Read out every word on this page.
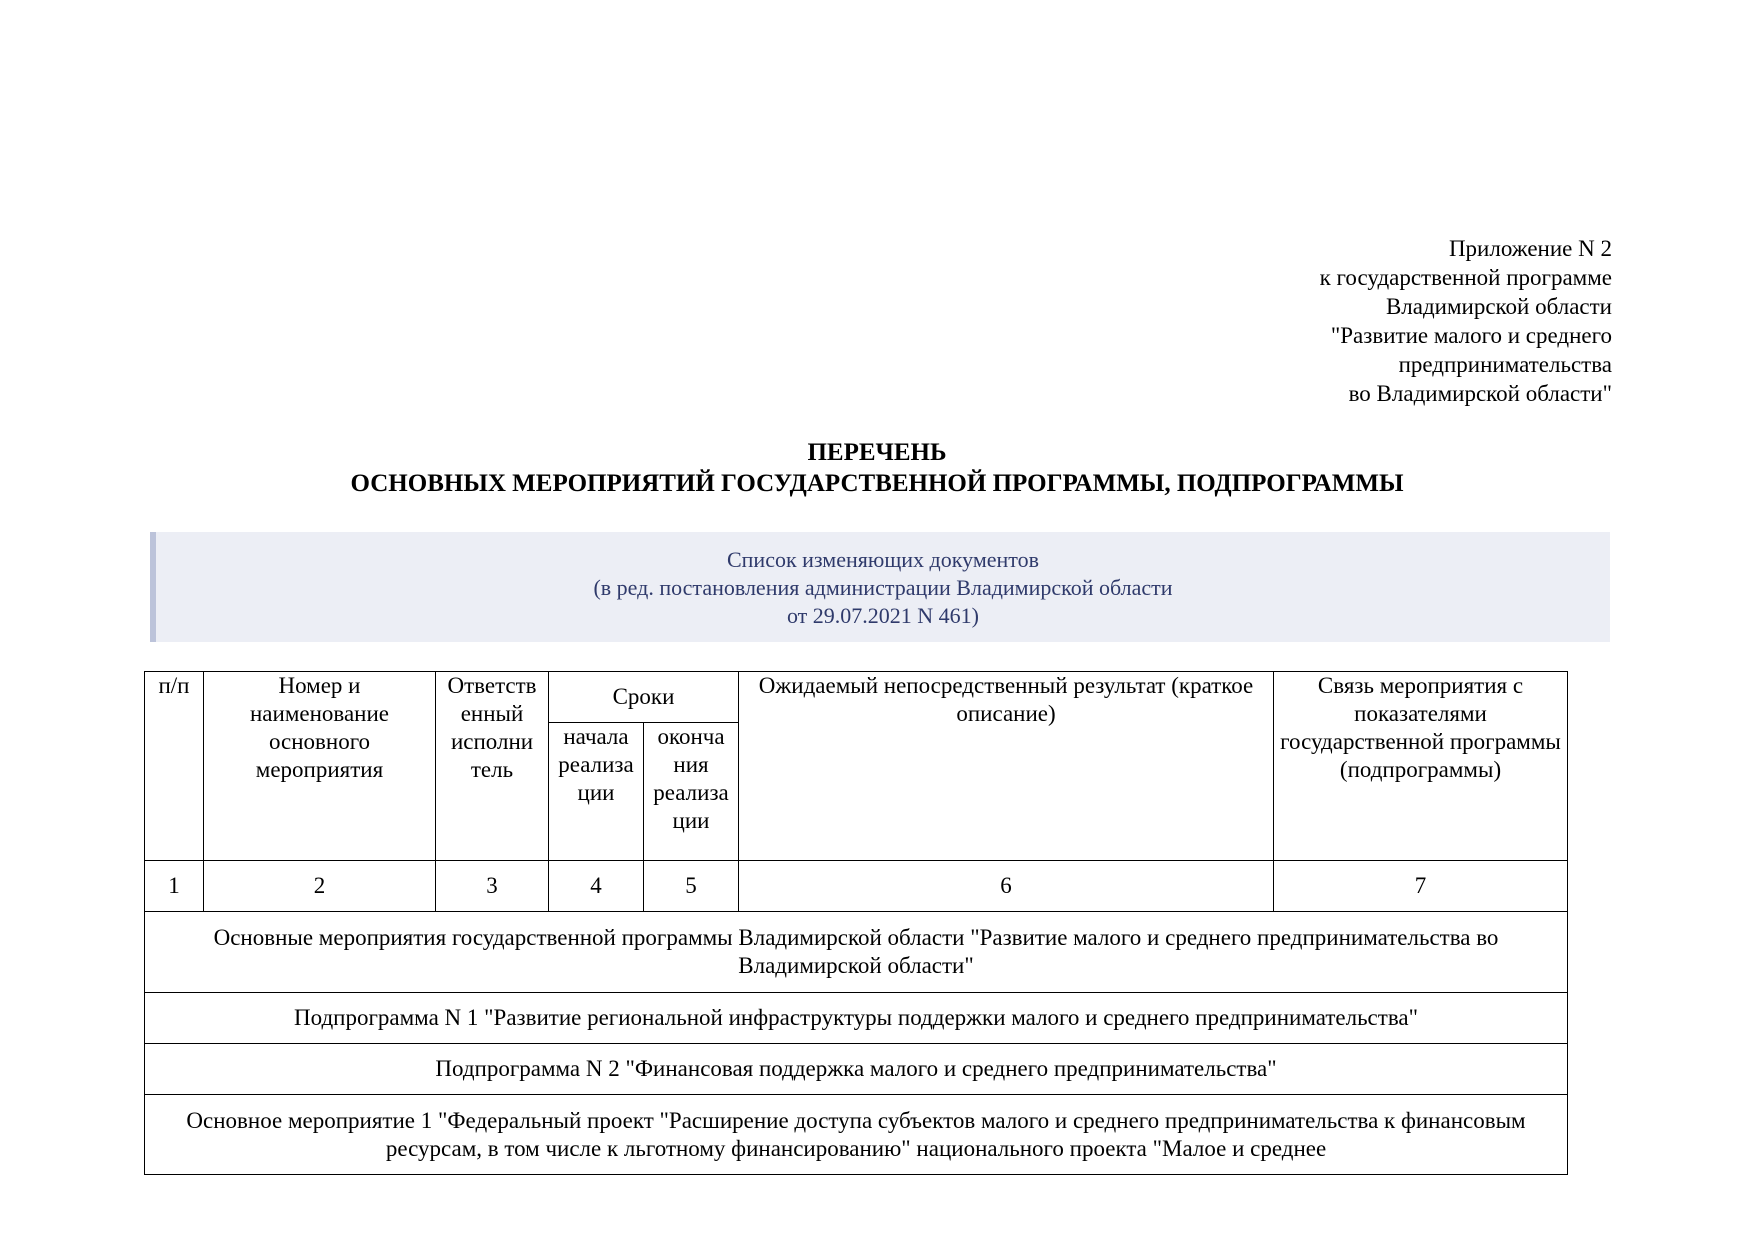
Приложение N 2
к государственной программе
Владимирской области
"Развитие малого и среднего
предпринимательства
во Владимирской области"
ПЕРЕЧЕНЬ
ОСНОВНЫХ МЕРОПРИЯТИЙ ГОСУДАРСТВЕННОЙ ПРОГРАММЫ, ПОДПРОГРАММЫ
Список изменяющих документов
(в ред. постановления администрации Владимирской области
от 29.07.2021 N 461)
п/п	Номер и наименование основного мероприятия	Ответств енный исполни тель	Сроки		Ожидаемый непосредственный результат (краткое описание)	Связь мероприятия с показателями государственной программы (подпрограммы)
			начала реализа ции	оконча ния реализа ции		
1	2	3	4	5	6	7
Основные мероприятия государственной программы Владимирской области "Развитие малого и среднего предпринимательства во Владимирской области"						
Подпрограмма N 1 "Развитие региональной инфраструктуры поддержки малого и среднего предпринимательства"						
Подпрограмма N 2 "Финансовая поддержка малого и среднего предпринимательства"						
Основное мероприятие 1 "Федеральный проект "Расширение доступа субъектов малого и среднего предпринимательства к финансовым ресурсам, в том числе к льготному финансированию" национального проекта "Малое и среднее						
